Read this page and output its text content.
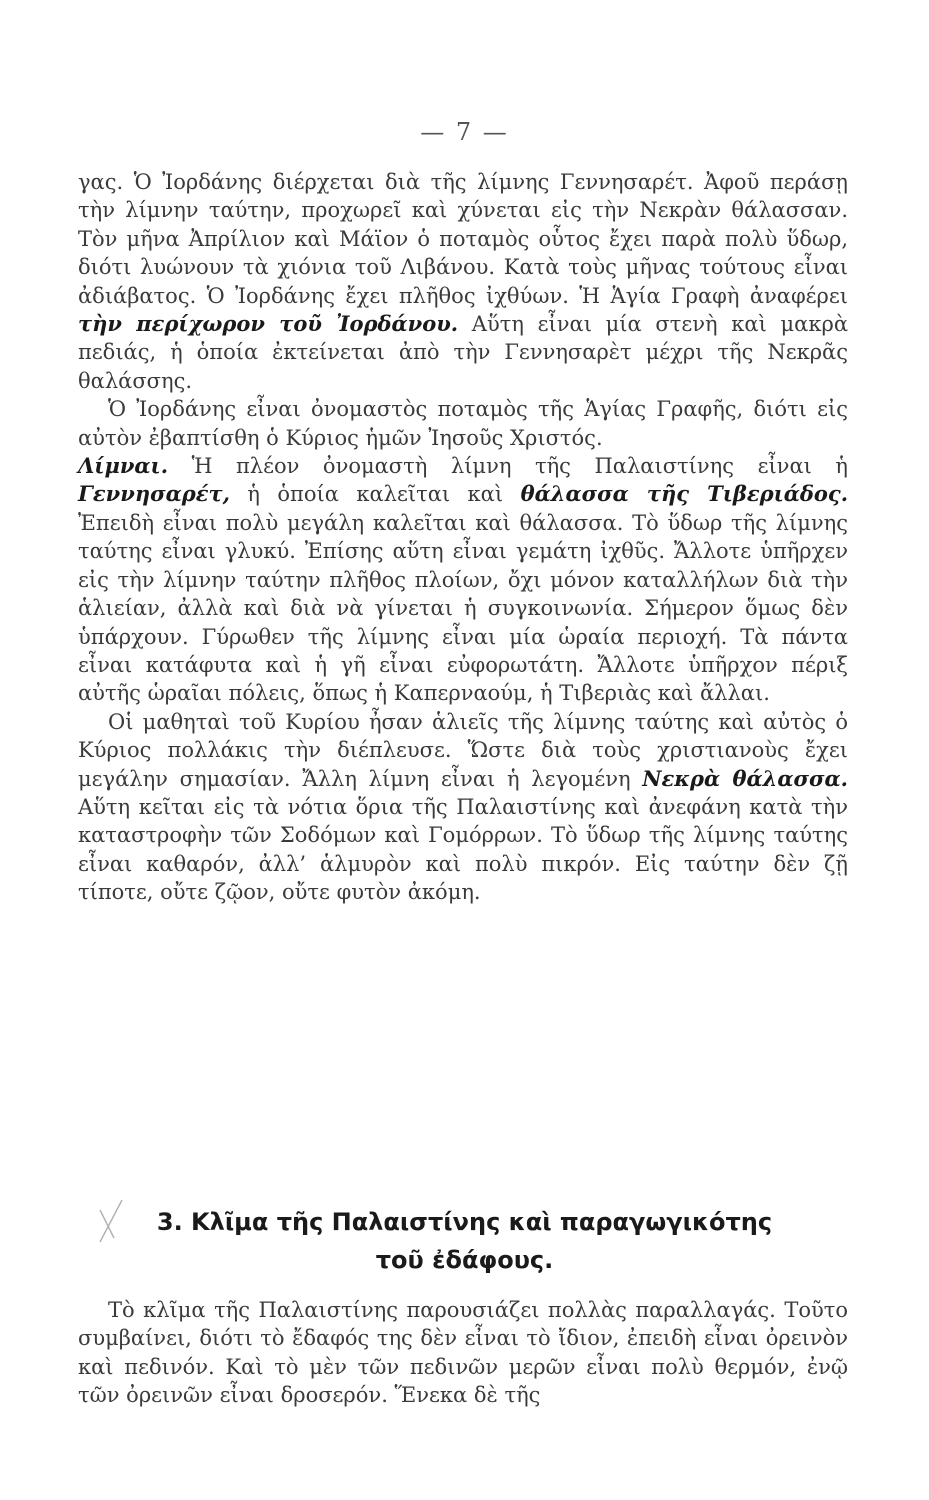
— 7 —

γας. Ὁ Ἰορδάνης διέρχεται διὰ τῆς λίμνης Γεννησαρέτ. Ἀφοῦ περάσῃ τὴν λίμνην ταύτην, προχωρεῖ καὶ χύνεται εἰς τὴν Νεκρὰν θάλασσαν. Τὸν μῆνα Ἀπρίλιον καὶ Μάϊον ὁ ποταμὸς οὗτος ἔχει παρὰ πολὺ ὕδωρ, διότι λυώνουν τὰ χιόνια τοῦ Λιβάνου. Κατὰ τοὺς μῆνας τούτους εἶναι ἀδιάβατος. Ὁ Ἰορδάνης ἔχει πλῆθος ἰχθύων. Ἡ Ἁγία Γραφὴ ἀναφέρει τὴν περίχωρον τοῦ Ἰορδάνου. Αὕτη εἶναι μία στενὴ καὶ μακρὰ πεδιάς, ἡ ὁποία ἐκτείνεται ἀπὸ τὴν Γεννησαρὲτ μέχρι τῆς Νεκρᾶς θαλάσσης.

Ὁ Ἰορδάνης εἶναι ὀνομαστὸς ποταμὸς τῆς Ἁγίας Γραφῆς, διότι εἰς αὐτὸν ἐβαπτίσθη ὁ Κύριος ἡμῶν Ἰησοῦς Χριστός.

Λίμναι. Ἡ πλέον ὀνομαστὴ λίμνη τῆς Παλαιστίνης εἶναι ἡ Γεννησαρέτ, ἡ ὁποία καλεῖται καὶ θάλασσα τῆς Τιβεριάδος. Ἐπειδὴ εἶναι πολὺ μεγάλη καλεῖται καὶ θάλασσα. Τὸ ὕδωρ τῆς λίμνης ταύτης εἶναι γλυκύ. Ἐπίσης αὕτη εἶναι γεμάτη ἰχθῦς. Ἄλλοτε ὑπῆρχεν εἰς τὴν λίμνην ταύτην πλῆθος πλοίων, ὄχι μόνον καταλλήλων διὰ τὴν ἁλιείαν, ἀλλὰ καὶ διὰ νὰ γίνεται ἡ συγκοινωνία. Σήμερον ὅμως δὲν ὑπάρχουν. Γύρωθεν τῆς λίμνης εἶναι μία ὡραία περιοχή. Τὰ πάντα εἶναι κατάφυτα καὶ ἡ γῆ εἶναι εὐφορωτάτη. Ἄλλοτε ὑπῆρχον πέριξ αὐτῆς ὡραῖαι πόλεις, ὅπως ἡ Καπερναούμ, ἡ Τιβεριὰς καὶ ἄλλαι.

Οἱ μαθηταὶ τοῦ Κυρίου ἦσαν ἁλιεῖς τῆς λίμνης ταύτης καὶ αὐτὸς ὁ Κύριος πολλάκις τὴν διέπλευσε. Ὥστε διὰ τοὺς χριστιανοὺς ἔχει μεγάλην σημασίαν. Ἄλλη λίμνη εἶναι ἡ λεγομένη Νεκρὰ θάλασσα. Αὕτη κεῖται εἰς τὰ νότια ὅρια τῆς Παλαιστίνης καὶ ἀνεφάνη κατὰ τὴν καταστροφὴν τῶν Σοδόμων καὶ Γομόρρων. Τὸ ὕδωρ τῆς λίμνης ταύτης εἶναι καθαρόν, ἀλλ’ ἁλμυρὸν καὶ πολὺ πικρόν. Εἰς ταύτην δὲν ζῇ τίποτε, οὔτε ζῷον, οὔτε φυτὸν ἀκόμη.

3. Κλῖμα τῆς Παλαιστίνης καὶ παραγωγικότης
τοῦ ἐδάφους.

Τὸ κλῖμα τῆς Παλαιστίνης παρουσιάζει πολλὰς παραλλαγάς. Τοῦτο συμβαίνει, διότι τὸ ἔδαφός της δὲν εἶναι τὸ ἴδιον, ἐπειδὴ εἶναι ὀρεινὸν καὶ πεδινόν. Καὶ τὸ μὲν τῶν πεδινῶν μερῶν εἶναι πολὺ θερμόν, ἐνῷ τῶν ὀρεινῶν εἶναι δροσερόν. Ἕνεκα δὲ τῆς
